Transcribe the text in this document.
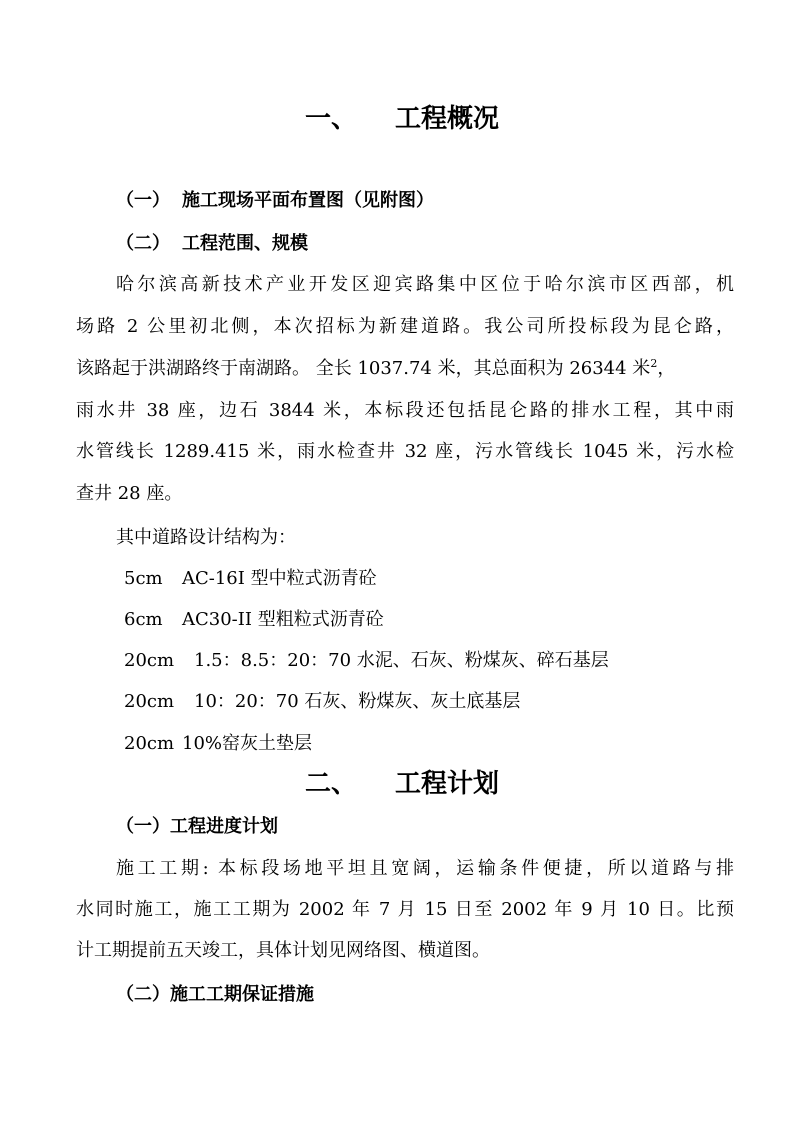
一、 工程概况
（一） 施工现场平面布置图（见附图）
（二） 工程范围、规模
哈尔滨高新技术产业开发区迎宾路集中区位于哈尔滨市区西部，机
场路 2 公里初北侧，本次招标为新建道路。我公司所投标段为昆仑路，
该路起于洪湖路终于南湖路。 全长 1037.74 米，其总面积为 26344 米$^2$，
雨水井 38 座，边石 3844 米，本标段还包括昆仑路的排水工程，其中雨
水管线长 1289.415 米，雨水检查井 32 座，污水管线长 1045 米，污水检
查井 28 座。
其中道路设计结构为：
5cm AC-16I 型中粒式沥青砼
6cm AC30-II 型粗粒式沥青砼
20cm 1.5：8.5：20：70 水泥、石灰、粉煤灰、碎石基层
20cm 10：20：70 石灰、粉煤灰、灰土底基层
20cm 10%窑灰土垫层
二、 工程计划
（一）工程进度计划
施工工期: 本标段场地平坦且宽阔，运输条件便捷，所以道路与排
水同时施工，施工工期为 2002 年 7 月 15 日至 2002 年 9 月 10 日。比预
计工期提前五天竣工，具体计划见网络图、横道图。
（二）施工工期保证措施
